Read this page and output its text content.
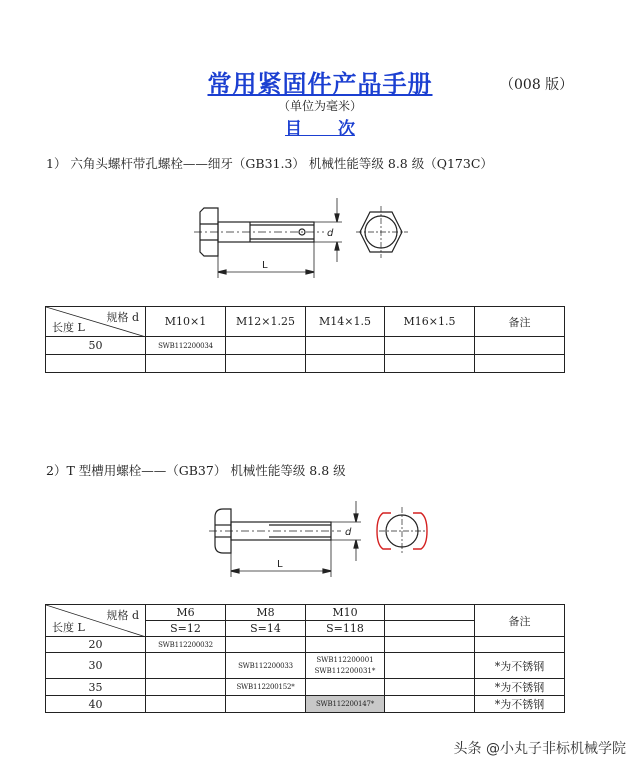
常用紧固件产品手册	（008 版）
（单位为毫米）
目 次
1） 六角头螺杆带孔螺栓——细牙（GB31.3） 机械性能等级 8.8 级（Q173C）
L
d
规格 d
长度 L	M10×1	M12×1.25	M14×1.5	M16×1.5	备注
50	SWB112200034				

2）T 型槽用螺栓——（GB37） 机械性能等级 8.8 级
L
d
规格 d
长度 L	M6	M8	M10		备注
	S=12	S=14	S=118		
20	SWB112200032				
30		SWB112200033	SWB112200001
SWB112200031*		*为不锈钢
35		SWB112200152*			*为不锈钢
40			SWB112200147*		*为不锈钢
头条 @小丸子非标机械学院
